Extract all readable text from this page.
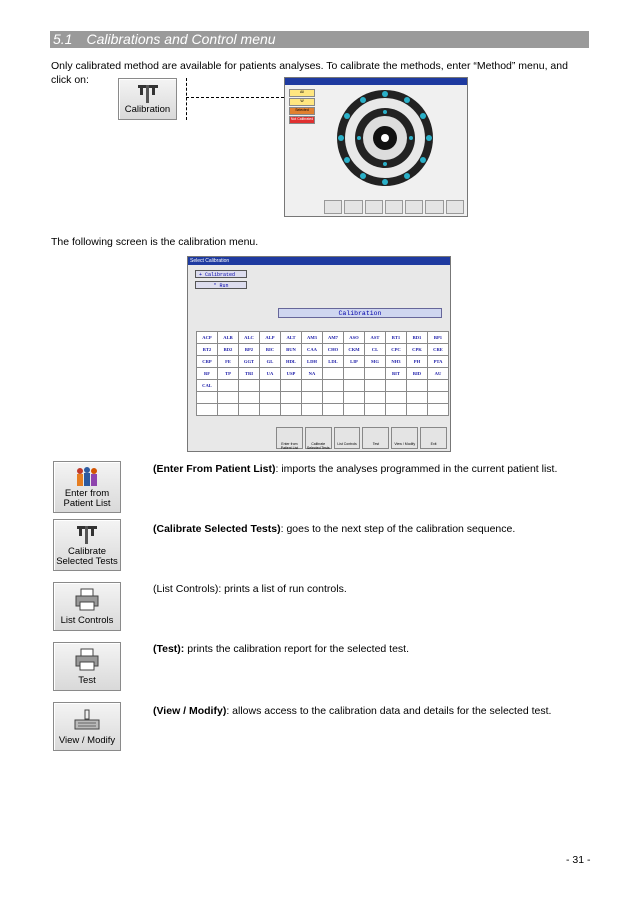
5.1 Calibrations and Control menu
Only calibrated method are available for patients analyses. To calibrate the methods, enter “Method” menu, and
click on:
Calibration
All
W
Selected
Not Calibrated
The following screen is the calibration menu.
Select Calibration
+ Calibrated
* Run
Calibration
ACP	ALB	ALC	ALP	ALT	AM3	AM7	ASO	AST	BT1	BD1	BP1
BT2	BD2	BP2	BIC	BUN	CAA	CHO	CKM	CL	CPC	CPK	CRE
CRP	FE	GGT	GL	HDL	LDH	LDL	LIP	MG	NH3	PH	PTA
RF	TP	TRI	UA	USP	NA				BIT	BID	AU
CAL											

Enter from Patient List
Calibrate Selected Tests
List Controls	Test	View / Modify	Exit
Enter from
Patient List
(Enter From Patient List): imports the analyses programmed in the current patient list.
Calibrate
Selected Tests
(Calibrate Selected Tests): goes to the next step of the calibration sequence.
List Controls
(List Controls): prints a list of run controls.
Test
(Test): prints the calibration report for the selected test.
View / Modify
(View / Modify): allows access to the calibration data and details for the selected test.
- 31 -
